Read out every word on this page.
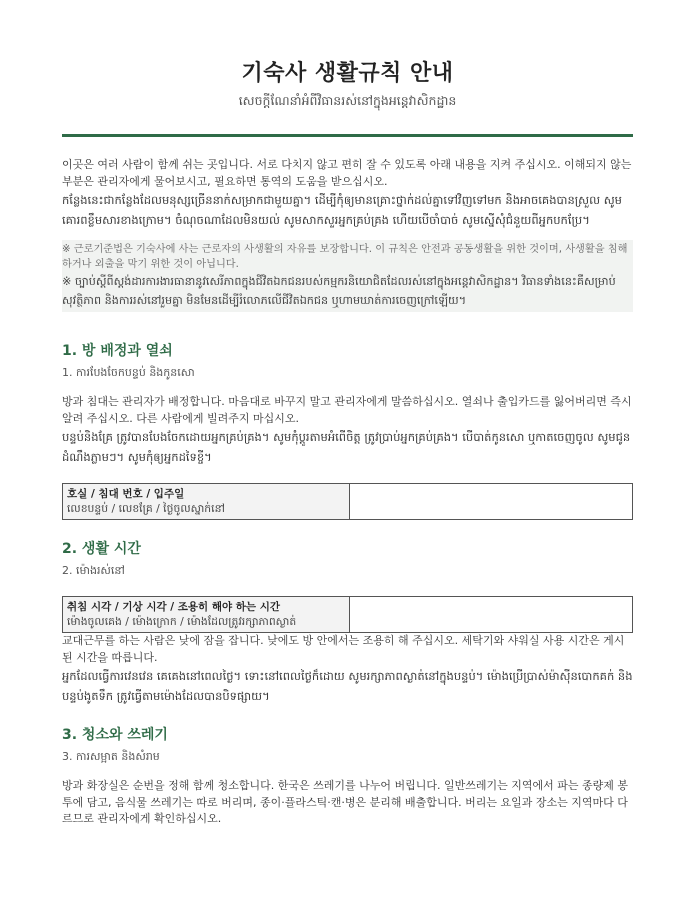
기숙사 생활규칙 안내
សេចក្តីណែនាំអំពីវិធានរស់នៅក្នុងអន្តេវាសិកដ្ឋាន

이곳은 여러 사람이 함께 쉬는 곳입니다. 서로 다치지 않고 편히 잘 수 있도록 아래 내용을 지켜 주십시오. 이해되지 않는 부분은 관리자에게 물어보시고, 필요하면 통역의 도움을 받으십시오.

កន្លែងនេះជាកន្លែងដែលមនុស្សច្រើននាក់សម្រាកជាមួយគ្នា។ ដើម្បីកុំឲ្យមានគ្រោះថ្នាក់ដល់គ្នាទៅវិញទៅមក និងអាចគេងបានស្រួល សូមគោរពខ្លឹមសារខាងក្រោម។ ចំណុចណាដែលមិនយល់ សូមសាកសួរអ្នកគ្រប់គ្រង ហើយបើចាំបាច់ សូមស្នើសុំជំនួយពីអ្នកបកប្រែ។

※ 근로기준법은 기숙사에 사는 근로자의 사생활의 자유를 보장합니다. 이 규칙은 안전과 공동생활을 위한 것이며, 사생활을 침해하거나 외출을 막기 위한 것이 아닙니다.

※ ច្បាប់ស្តីពីស្តង់ដារការងារធានានូវសេរីភាពក្នុងជីវិតឯកជនរបស់កម្មករនិយោជិតដែលរស់នៅក្នុងអន្តេវាសិកដ្ឋាន។ វិធានទាំងនេះគឺសម្រាប់សុវត្ថិភាព និងការរស់នៅរួមគ្នា មិនមែនដើម្បីរំលោភលើជីវិតឯកជន ឬហាមឃាត់ការចេញក្រៅឡើយ។

1. 방 배정과 열쇠
1. ការបែងចែកបន្ទប់ និងកូនសោ

방과 침대는 관리자가 배정합니다. 마음대로 바꾸지 말고 관리자에게 말씀하십시오. 열쇠나 출입카드를 잃어버리면 즉시 알려 주십시오. 다른 사람에게 빌려주지 마십시오.

បន្ទប់និងគ្រែ ត្រូវបានបែងចែកដោយអ្នកគ្រប់គ្រង។ សូមកុំប្តូរតាមអំពើចិត្ត ត្រូវប្រាប់អ្នកគ្រប់គ្រង។ បើបាត់កូនសោ ឬកាតចេញចូល សូមជូនដំណឹងភ្លាមៗ។ សូមកុំឲ្យអ្នកដទៃខ្ចី។

호실 / 침대 번호 / 입주일
លេខបន្ទប់ / លេខគ្រែ / ថ្ងៃចូលស្នាក់នៅ

2. 생활 시간
2. ម៉ោងរស់នៅ
취침 시각 / 기상 시각 / 조용히 해야 하는 시간
ម៉ោងចូលគេង / ម៉ោងក្រោក / ម៉ោងដែលត្រូវរក្សាភាពស្ងាត់

교대근무를 하는 사람은 낮에 잠을 잡니다. 낮에도 방 안에서는 조용히 해 주십시오. 세탁기와 샤워실 사용 시간은 게시된 시간을 따릅니다.

អ្នកដែលធ្វើការវេនវេន គេគេងនៅពេលថ្ងៃ។ ទោះនៅពេលថ្ងៃក៏ដោយ សូមរក្សាភាពស្ងាត់នៅក្នុងបន្ទប់។ ម៉ោងប្រើប្រាស់ម៉ាស៊ីនបោកគក់ និងបន្ទប់ងូតទឹក ត្រូវធ្វើតាមម៉ោងដែលបានបិទផ្សាយ។

3. 청소와 쓰레기
3. ការសម្អាត និងសំរាម

방과 화장실은 순번을 정해 함께 청소합니다. 한국은 쓰레기를 나누어 버립니다. 일반쓰레기는 지역에서 파는 종량제 봉투에 담고, 음식물 쓰레기는 따로 버리며, 종이·플라스틱·캔·병은 분리해 배출합니다. 버리는 요일과 장소는 지역마다 다르므로 관리자에게 확인하십시오.
